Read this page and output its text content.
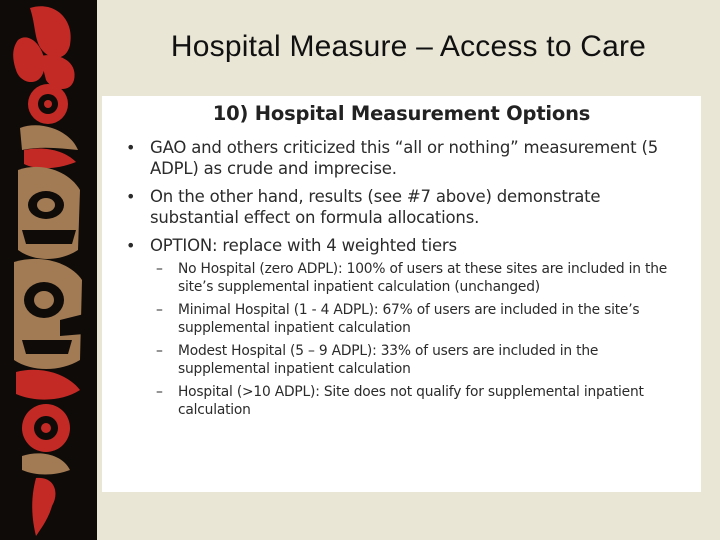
Hospital Measure – Access to Care
10) Hospital Measurement Options
• GAO and others criticized this “all or nothing” measurement (5 ADPL) as crude and imprecise.
• On the other hand, results (see #7 above) demonstrate substantial effect on formula allocations.
• OPTION: replace with 4 weighted tiers
– No Hospital (zero ADPL): 100% of users at these sites are included in the site’s supplemental inpatient calculation (unchanged)
– Minimal Hospital (1 - 4 ADPL): 67% of users are included in the site’s supplemental inpatient calculation
– Modest Hospital (5 – 9 ADPL): 33% of users are included in the supplemental inpatient calculation
– Hospital (>10 ADPL): Site does not qualify for supplemental inpatient calculation
